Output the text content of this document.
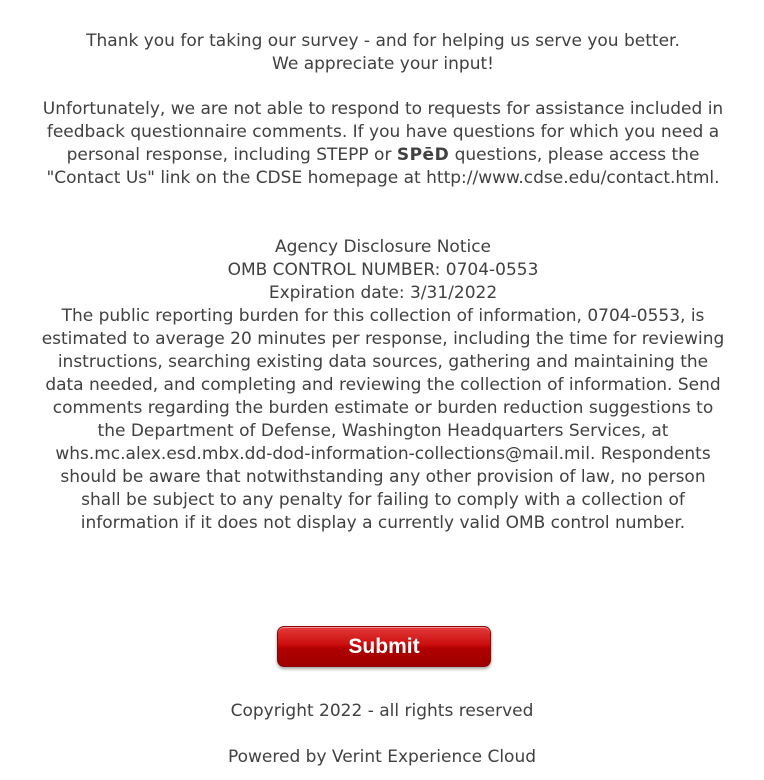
Thank you for taking our survey - and for helping us serve you better.
We appreciate your input!

Unfortunately, we are not able to respond to requests for assistance included in feedback questionnaire comments. If you have questions for which you need a personal response, including STEPP or SPēD questions, please access the "Contact Us" link on the CDSE homepage at http://www.cdse.edu/contact.html.

Agency Disclosure Notice
OMB CONTROL NUMBER: 0704-0553
Expiration date: 3/31/2022
The public reporting burden for this collection of information, 0704-0553, is estimated to average 20 minutes per response, including the time for reviewing instructions, searching existing data sources, gathering and maintaining the data needed, and completing and reviewing the collection of information. Send comments regarding the burden estimate or burden reduction suggestions to the Department of Defense, Washington Headquarters Services, at whs.mc.alex.esd.mbx.dd-dod-information-collections@mail.mil. Respondents should be aware that notwithstanding any other provision of law, no person shall be subject to any penalty for failing to comply with a collection of information if it does not display a currently valid OMB control number.
Submit
Copyright 2022 - all rights reserved
Powered by Verint Experience Cloud
